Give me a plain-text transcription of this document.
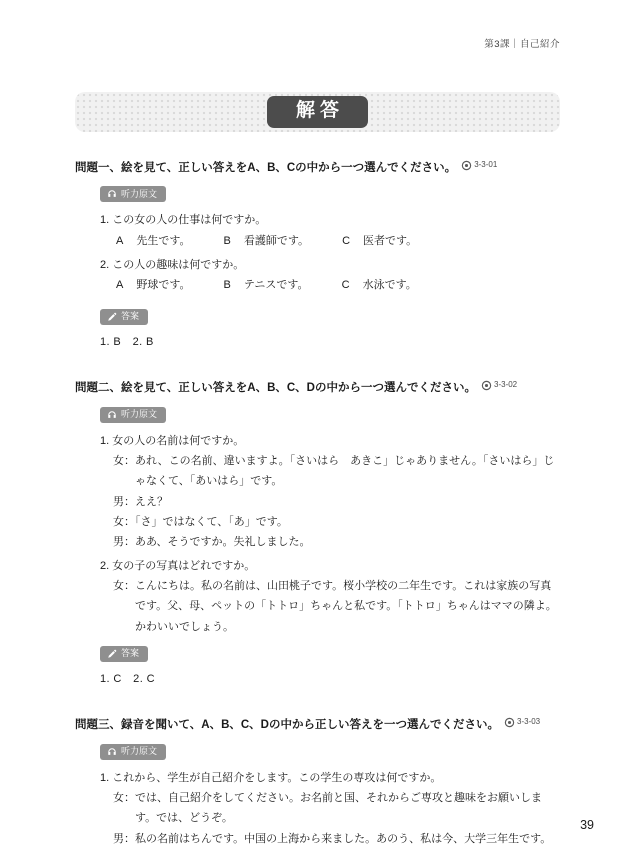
第3課｜自己紹介
解答

問題一、絵を見て、正しい答えをA、B、Cの中から一つ選んでください。 3-3-01

听力原文

1. この女の人の仕事は何ですか。

A 先生です。	B 看護師です。	C 医者です。

2. この人の趣味は何ですか。

A 野球です。	B テニスです。	C 水泳です。
答案

1. B　2. B

問題二、絵を見て、正しい答えをA、B、C、Dの中から一つ選んでください。 3-3-02

听力原文

1. 女の人の名前は何ですか。

女：あれ、この名前、違いますよ。「さいはら　あきこ」じゃありません。「さいはら」じゃなくて、「あいはら」です。

男：ええ？

女：「さ」ではなくて、「あ」です。

男：ああ、そうですか。失礼しました。

2. 女の子の写真はどれですか。

女：こんにちは。私の名前は、山田桃子です。桜小学校の二年生です。これは家族の写真です。父、母、ペットの「トトロ」ちゃんと私です。「トトロ」ちゃんはママの隣よ。かわいいでしょう。

答案

1. C　2. C

問題三、録音を聞いて、A、B、C、Dの中から正しい答えを一つ選んでください。 3-3-03

听力原文

1. これから、学生が自己紹介をします。この学生の専攻は何ですか。

女：では、自己紹介をしてください。お名前と国、それからご専攻と趣味をお願いします。では、どうぞ。

男：私の名前はちんです。中国の上海から来ました。あのう、私は今、大学三年生です。

39
